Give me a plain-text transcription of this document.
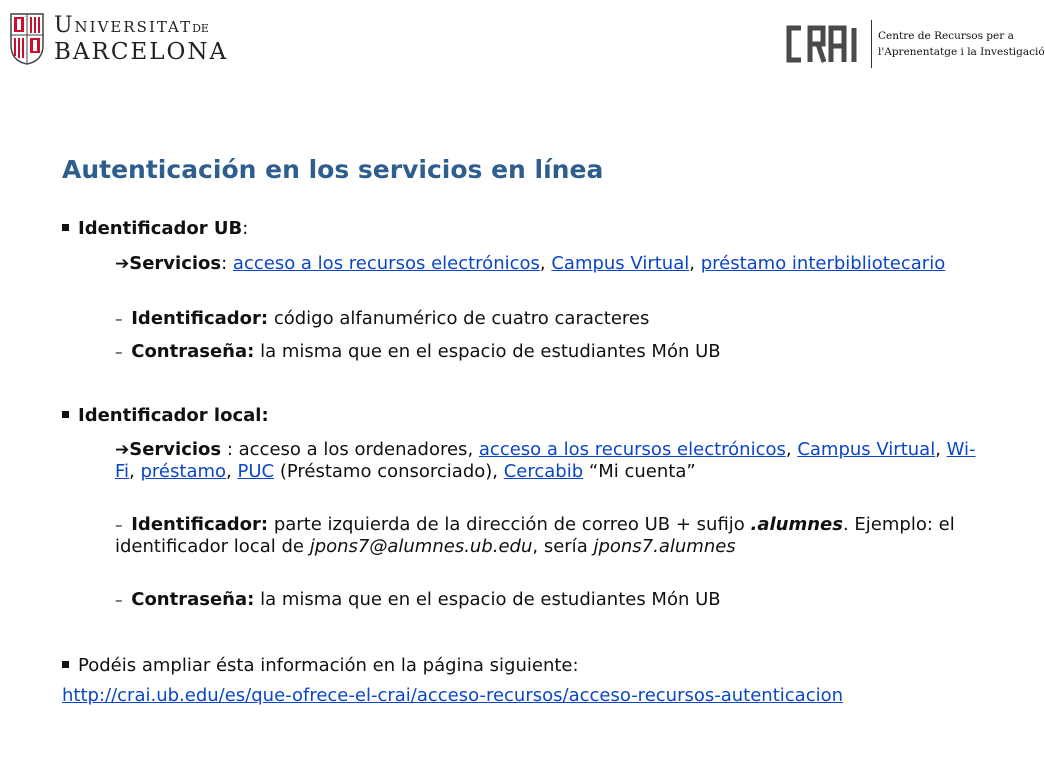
UniversitatDE
BARCELONA
Centre de Recursos per a
l'Aprenentatge i la Investigació
Autenticación en los servicios en línea
Identificador UB:
➔Servicios: acceso a los recursos electrónicos, Campus Virtual, préstamo interbibliotecario
– Identificador: código alfanumérico de cuatro caracteres
– Contraseña: la misma que en el espacio de estudiantes Món UB
Identificador local:
➔Servicios : acceso a los ordenadores, acceso a los recursos electrónicos, Campus Virtual, Wi-Fi, préstamo, PUC (Préstamo consorciado), Cercabib “Mi cuenta”
– Identificador: parte izquierda de la dirección de correo UB + sufijo .alumnes. Ejemplo: el identificador local de jpons7@alumnes.ub.edu, sería jpons7.alumnes
– Contraseña: la misma que en el espacio de estudiantes Món UB
Podéis ampliar ésta información en la página siguiente:
http://crai.ub.edu/es/que-ofrece-el-crai/acceso-recursos/acceso-recursos-autenticacion
